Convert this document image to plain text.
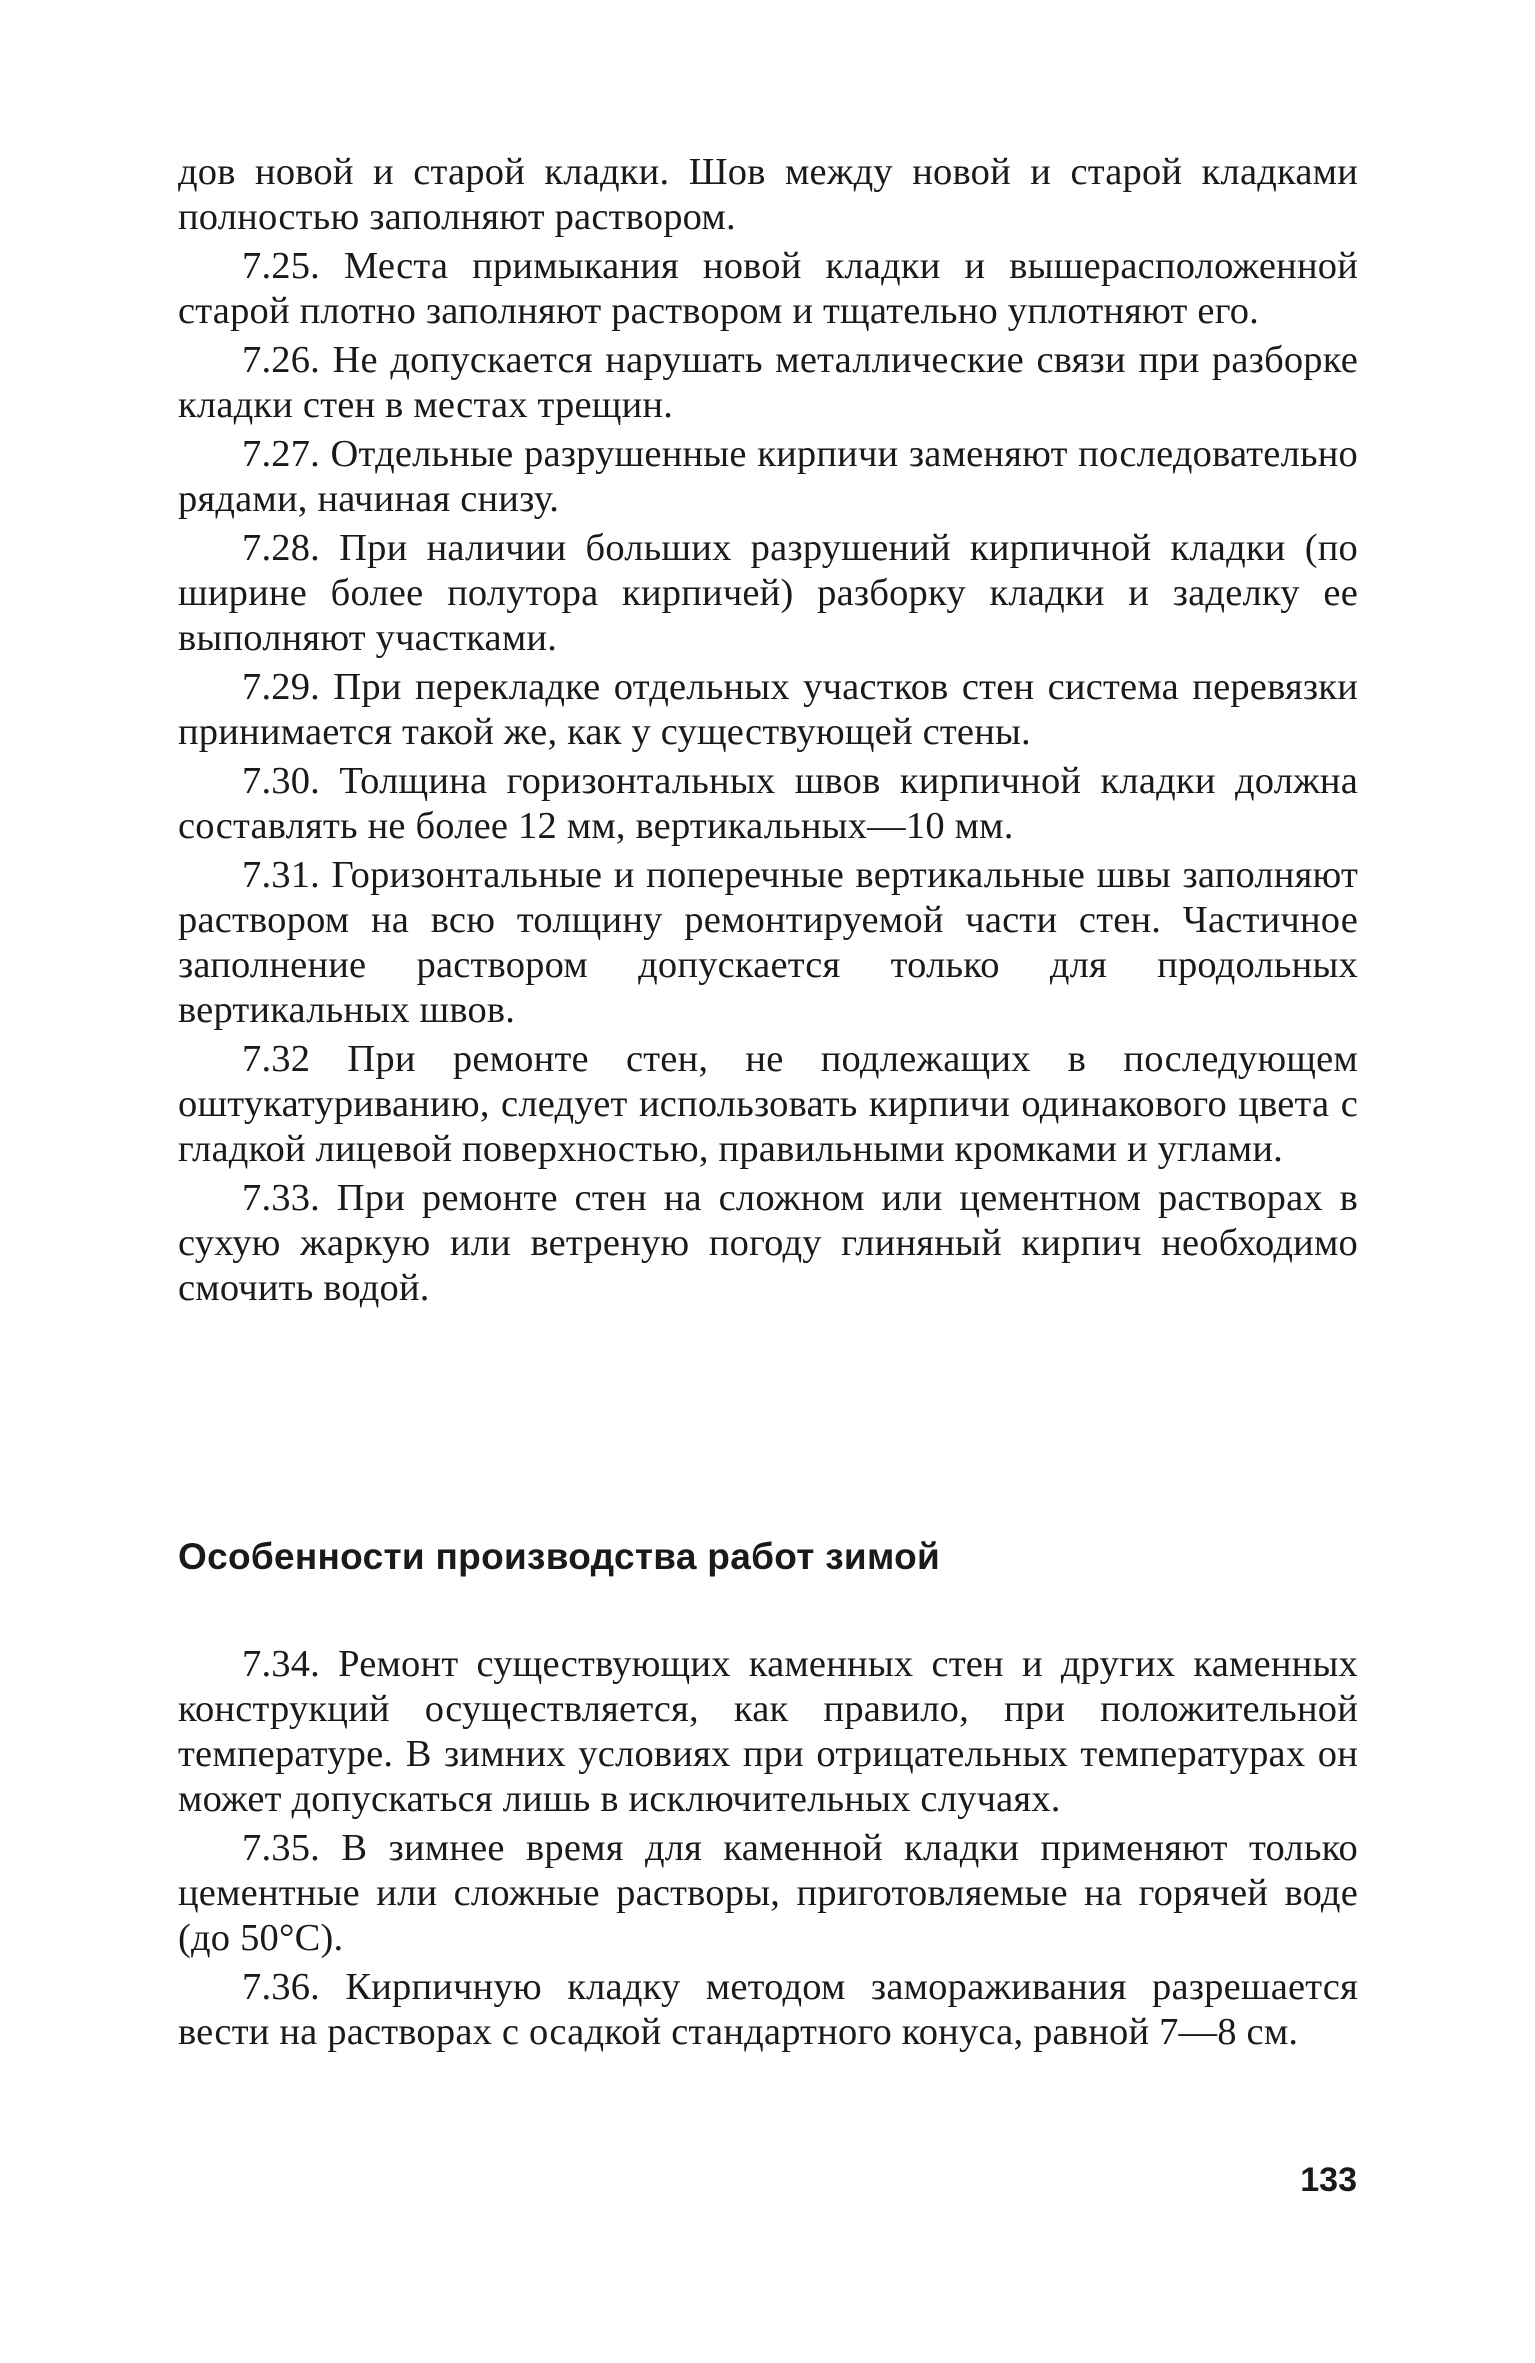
дов новой и старой кладки. Шов между новой и старой кладками полностью заполняют раствором.

7.25. Места примыкания новой кладки и вышерасположенной старой плотно заполняют раствором и тщательно уплотняют его.

7.26. Не допускается нарушать металлические связи при разборке кладки стен в местах трещин.

7.27. Отдельные разрушенные кирпичи заменяют последовательно рядами, начиная снизу.

7.28. При наличии больших разрушений кирпичной кладки (по ширине более полутора кирпичей) разборку кладки и заделку ее выполняют участками.

7.29. При перекладке отдельных участков стен система перевязки принимается такой же, как у существующей стены.

7.30. Толщина горизонтальных швов кирпичной кладки должна составлять не более 12 мм, вертикальных—10 мм.

7.31. Горизонтальные и поперечные вертикальные швы заполняют раствором на всю толщину ремонтируемой части стен. Частичное заполнение раствором допускается только для продольных вертикальных швов.

7.32 При ремонте стен, не подлежащих в последующем оштукатуриванию, следует использовать кирпичи одинакового цвета с гладкой лицевой поверхностью, правильными кромками и углами.

7.33. При ремонте стен на сложном или цементном растворах в сухую жаркую или ветреную погоду глиняный кирпич необходимо смочить водой.

Особенности производства работ зимой

7.34. Ремонт существующих каменных стен и других каменных конструкций осуществляется, как правило, при положительной температуре. В зимних условиях при отрицательных температурах он может допускаться лишь в исключительных случаях.

7.35. В зимнее время для каменной кладки применяют только цементные или сложные растворы, приготовляемые на горячей воде (до 50°С).

7.36. Кирпичную кладку методом замораживания разрешается вести на растворах с осадкой стандартного конуса, равной 7—8 см.

133
